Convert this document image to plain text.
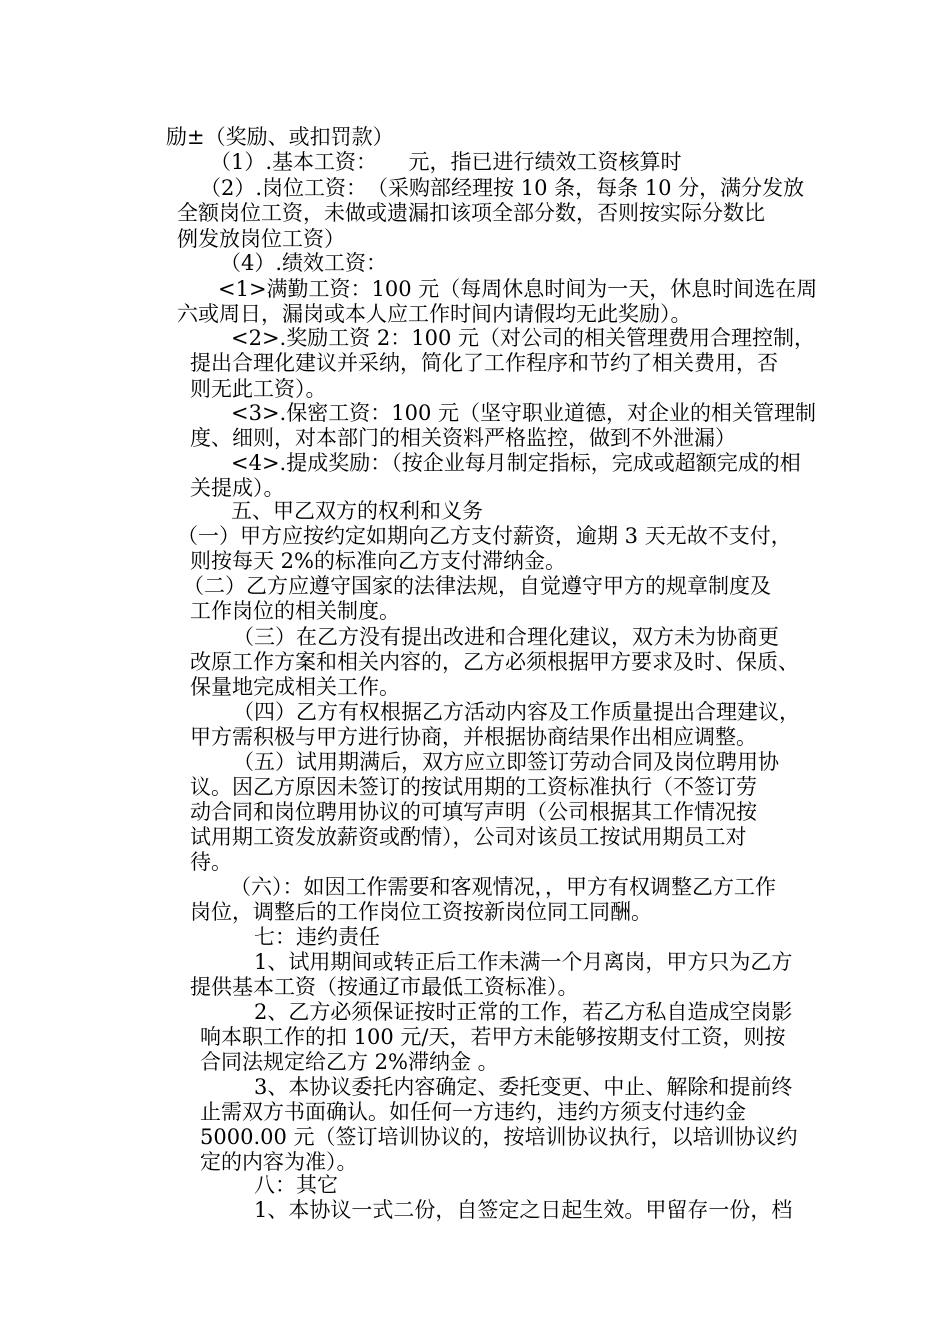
励±（奖励、或扣罚款）

（1）.基本工资：　　元，指已进行绩效工资核算时

（2）.岗位工资：　（采购部经理按 10 条，每条 10 分，满分发放

全额岗位工资，未做或遗漏扣该项全部分数，否则按实际分数比

例发放岗位工资）

（4）.绩效工资：

<1>满勤工资：100 元（每周休息时间为一天，休息时间选在周

六或周日，漏岗或本人应工作时间内请假均无此奖励）。

<2>.奖励工资 2：100 元（对公司的相关管理费用合理控制，

提出合理化建议并采纳，简化了工作程序和节约了相关费用，否

则无此工资）。

<3>.保密工资：100 元（坚守职业道德，对企业的相关管理制

度、细则，对本部门的相关资料严格监控，做到不外泄漏）

<4>.提成奖励：（按企业每月制定指标，完成或超额完成的相

关提成）。

五、甲乙双方的权利和义务

（一）甲方应按约定如期向乙方支付薪资，逾期 3 天无故不支付，

则按每天 2%的标准向乙方支付滞纳金。

（二）乙方应遵守国家的法律法规，自觉遵守甲方的规章制度及

工作岗位的相关制度。

（三）在乙方没有提出改进和合理化建议，双方未为协商更

改原工作方案和相关内容的，乙方必须根据甲方要求及时、保质、

保量地完成相关工作。

（四）乙方有权根据乙方活动内容及工作质量提出合理建议，

甲方需积极与甲方进行协商，并根据协商结果作出相应调整。

（五）试用期满后，双方应立即签订劳动合同及岗位聘用协

议。因乙方原因未签订的按试用期的工资标准执行（不签订劳

动合同和岗位聘用协议的可填写声明（公司根据其工作情况按

试用期工资发放薪资或酌情），公司对该员工按试用期员工对

待。

（六）：如因工作需要和客观情况，，甲方有权调整乙方工作

岗位，调整后的工作岗位工资按新岗位同工同酬。

七：违约责任

1、试用期间或转正后工作未满一个月离岗，甲方只为乙方

提供基本工资（按通辽市最低工资标准）。

2、乙方必须保证按时正常的工作，若乙方私自造成空岗影

响本职工作的扣 100 元/天，若甲方未能够按期支付工资，则按

合同法规定给乙方 2%滞纳金 。

3、本协议委托内容确定、委托变更、中止、解除和提前终

止需双方书面确认。如任何一方违约，违约方须支付违约金

5000.00 元（签订培训协议的，按培训协议执行，以培训协议约

定的内容为准）。

八：其它

1、本协议一式二份，自签定之日起生效。甲留存一份，档
